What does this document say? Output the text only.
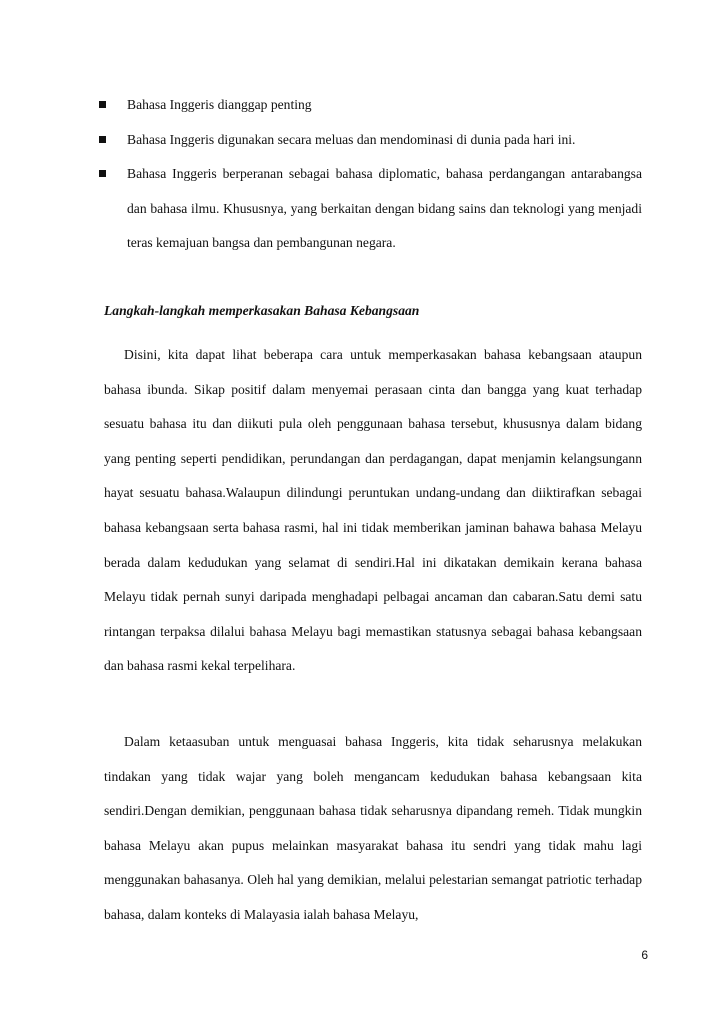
Bahasa Inggeris dianggap penting
Bahasa Inggeris digunakan secara meluas dan mendominasi di dunia pada hari ini.
Bahasa Inggeris berperanan sebagai bahasa diplomatic, bahasa perdangangan antarabangsa dan bahasa ilmu. Khususnya, yang berkaitan dengan bidang sains dan teknologi yang menjadi teras kemajuan bangsa dan pembangunan negara.

Langkah-langkah memperkasakan Bahasa Kebangsaan

Disini, kita dapat lihat beberapa cara untuk memperkasakan bahasa kebangsaan ataupun bahasa ibunda. Sikap positif dalam menyemai perasaan cinta dan bangga yang kuat terhadap sesuatu bahasa itu dan diikuti pula oleh penggunaan bahasa tersebut, khususnya dalam bidang yang penting seperti pendidikan, perundangan dan perdagangan, dapat menjamin kelangsungann hayat sesuatu bahasa.Walaupun dilindungi peruntukan undang-undang dan diiktirafkan sebagai bahasa kebangsaan serta bahasa rasmi, hal ini tidak memberikan jaminan bahawa bahasa Melayu berada dalam kedudukan yang selamat di sendiri.Hal ini dikatakan demikain kerana bahasa Melayu tidak pernah sunyi daripada menghadapi pelbagai ancaman dan cabaran.Satu demi satu rintangan terpaksa dilalui bahasa Melayu bagi memastikan statusnya sebagai bahasa kebangsaan dan bahasa rasmi kekal terpelihara.

Dalam ketaasuban untuk menguasai bahasa Inggeris, kita tidak seharusnya melakukan tindakan yang tidak wajar yang boleh mengancam kedudukan bahasa kebangsaan kita sendiri.Dengan demikian, penggunaan bahasa tidak seharusnya dipandang remeh. Tidak mungkin bahasa Melayu akan pupus melainkan masyarakat bahasa itu sendri yang tidak mahu lagi menggunakan bahasanya. Oleh hal yang demikian, melalui pelestarian semangat patriotic terhadap bahasa, dalam konteks di Malayasia ialah bahasa Melayu,

6
